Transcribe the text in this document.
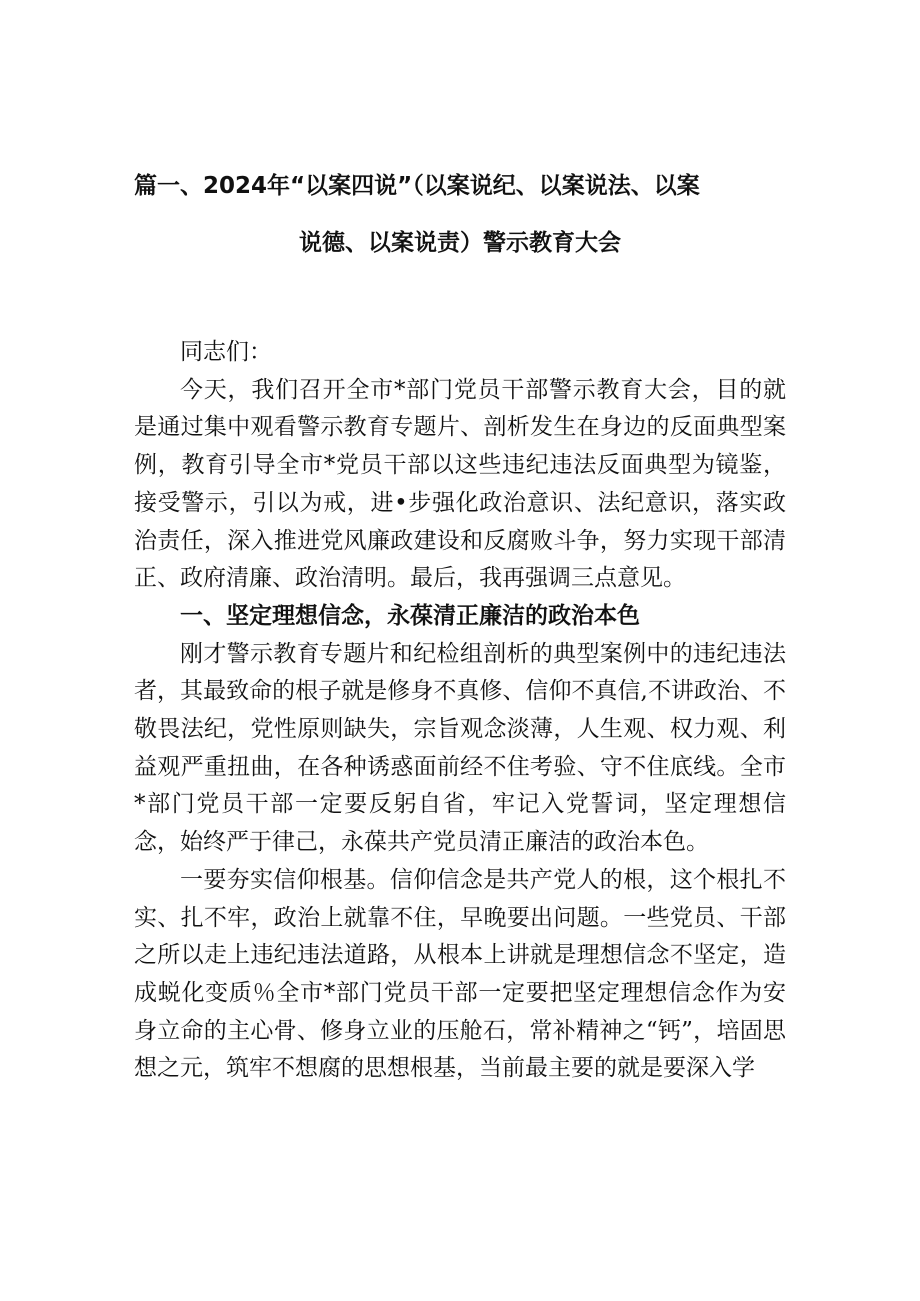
篇一、2024年“以案四说”（以案说纪、以案说法、以案
说德、以案说责）警示教育大会

同志们：

今天，我们召开全市*部门党员干部警示教育大会，目的就是通过集中观看警示教育专题片、剖析发生在身边的反面典型案例，教育引导全市*党员干部以这些违纪违法反面典型为镜鉴，接受警示，引以为戒，进•步强化政治意识、法纪意识，落实政治责任，深入推进党风廉政建设和反腐败斗争，努力实现干部清正、政府清廉、政治清明。最后，我再强调三点意见。

一、坚定理想信念，永葆清正廉洁的政治本色

刚才警示教育专题片和纪检组剖析的典型案例中的违纪违法者，其最致命的根子就是修身不真修、信仰不真信,不讲政治、不敬畏法纪，党性原则缺失，宗旨观念淡薄，人生观、权力观、利益观严重扭曲，在各种诱惑面前经不住考验、守不住底线。全市*部门党员干部一定要反躬自省，牢记入党誓词，坚定理想信念，始终严于律己，永葆共产党员清正廉洁的政治本色。

一要夯实信仰根基。信仰信念是共产党人的根，这个根扎不实、扎不牢，政治上就靠不住，早晚要出问题。一些党员、干部之所以走上违纪违法道路，从根本上讲就是理想信念不坚定，造成蜕化变质％全市*部门党员干部一定要把坚定理想信念作为安身立命的主心骨、修身立业的压舱石，常补精神之“钙”，培固思想之元，筑牢不想腐的思想根基，当前最主要的就是要深入学
